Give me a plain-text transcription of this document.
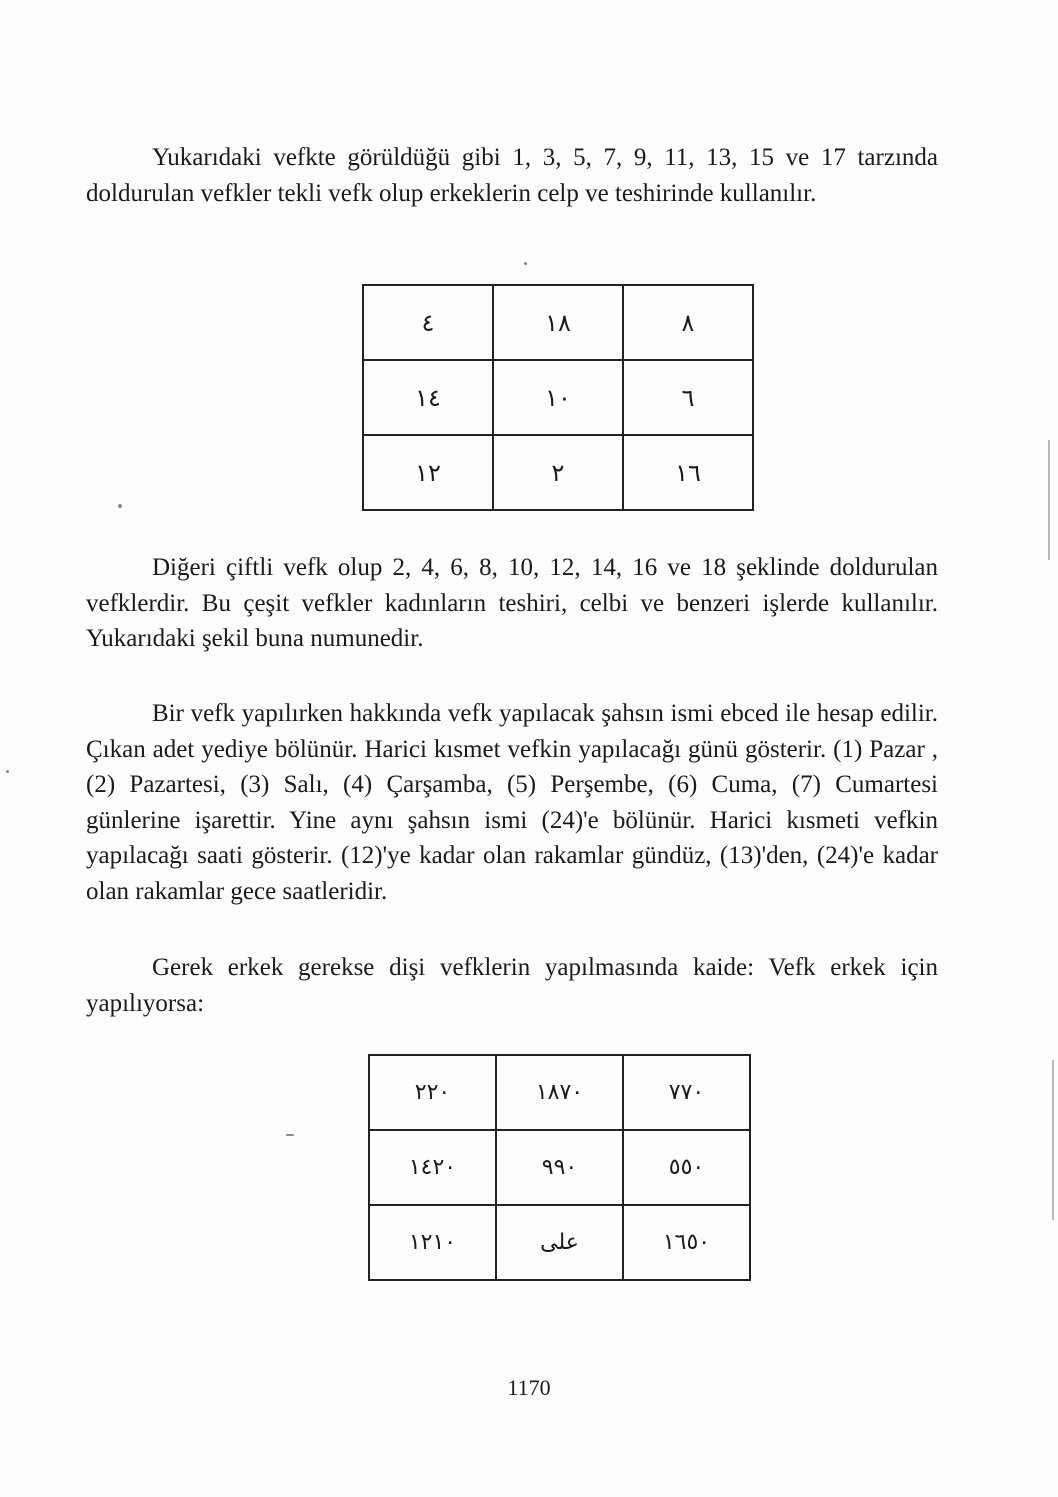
Yukarıdaki vefkte görüldüğü gibi 1, 3, 5, 7, 9, 11, 13, 15 ve 17 tarzında doldurulan vefkler tekli vefk olup erkeklerin celp ve teshirinde kullanılır.

٨	١٨	٤
٦	١٠	١٤
١٦	٢	١٢

Diğeri çiftli vefk olup 2, 4, 6, 8, 10, 12, 14, 16 ve 18 şeklinde doldurulan vefklerdir. Bu çeşit vefkler kadınların teshiri, celbi ve benzeri işlerde kullanılır. Yukarıdaki şekil buna numunedir.

Bir vefk yapılırken hakkında vefk yapılacak şahsın ismi ebced ile hesap edilir. Çıkan adet yediye bölünür. Harici kısmet vefkin yapılacağı günü gösterir. (1) Pazar , (2) Pazartesi, (3) Salı, (4) Çarşamba, (5) Perşembe, (6) Cuma, (7) Cumartesi günlerine işarettir. Yine aynı şahsın ismi (24)'e bölünür. Harici kısmeti vefkin yapılacağı saati gösterir. (12)'ye kadar olan rakamlar gündüz, (13)'den, (24)'e kadar olan rakamlar gece saatleridir.

Gerek erkek gerekse dişi vefklerin yapılmasında kaide: Vefk erkek için yapılıyorsa:

٧٧٠	١٨٧٠	٢٢٠
٥٥٠	٩٩٠	١٤٢٠
١٦٥٠	على	١٢١٠

1170
